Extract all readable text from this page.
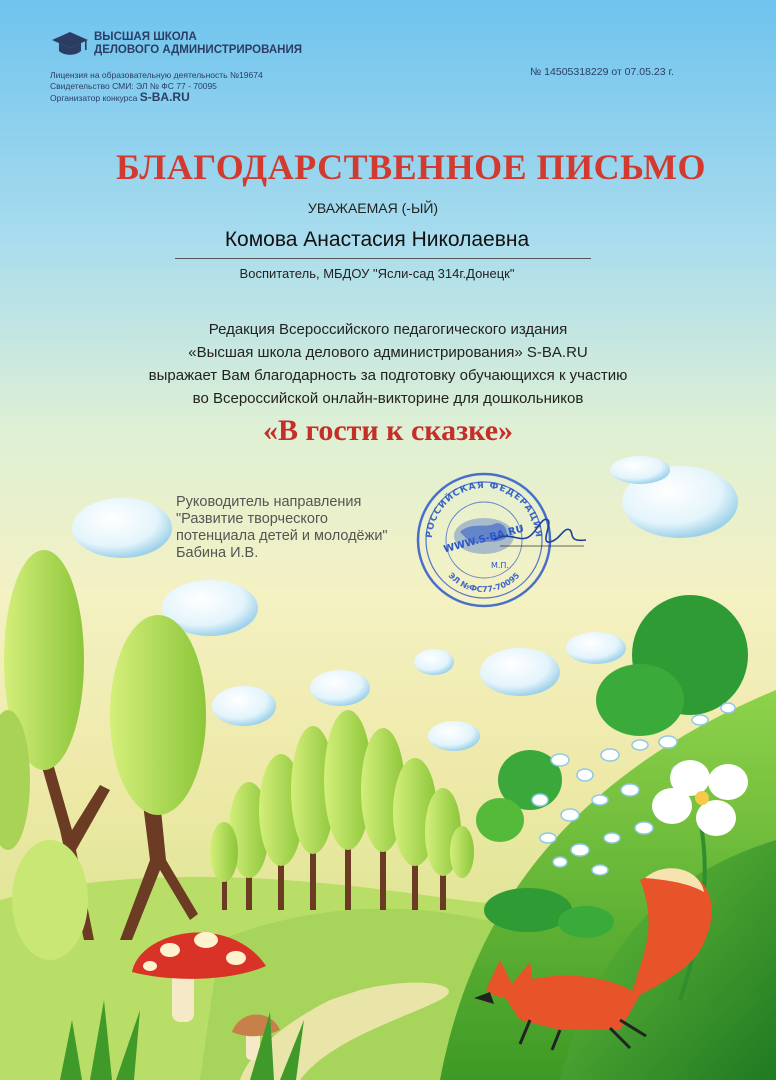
ВЫСШАЯ ШКОЛА
ДЕЛОВОГО АДМИНИСТРИРОВАНИЯ
Лицензия на образовательную деятельность №19674
Свидетельство СМИ: ЭЛ № ФС 77 - 70095
Организатор конкурса S-BA.RU
№ 14505318229 от 07.05.23 г.
БЛАГОДАРСТВЕННОЕ ПИСЬМО
УВАЖАЕМАЯ (-ЫЙ)
Комова Анастасия Николаевна
Воспитатель, МБДОУ "Ясли-сад 314г.Донецк"
Редакция Всероссийского педагогического издания
«Высшая школа делового администрирования» S-BA.RU
выражает Вам благодарность за подготовку обучающихся к участию
во Всероссийской онлайн-викторине для дошкольников
«В гости к сказке»
РОССИЙСКАЯ ФЕДЕРАЦИЯ
ЭЛ №ФС77-70095
WWW.S-BA.RU
М.П.
Руководитель направления
"Развитие творческого
потенциала детей и молодёжи"
Бабина И.В.
